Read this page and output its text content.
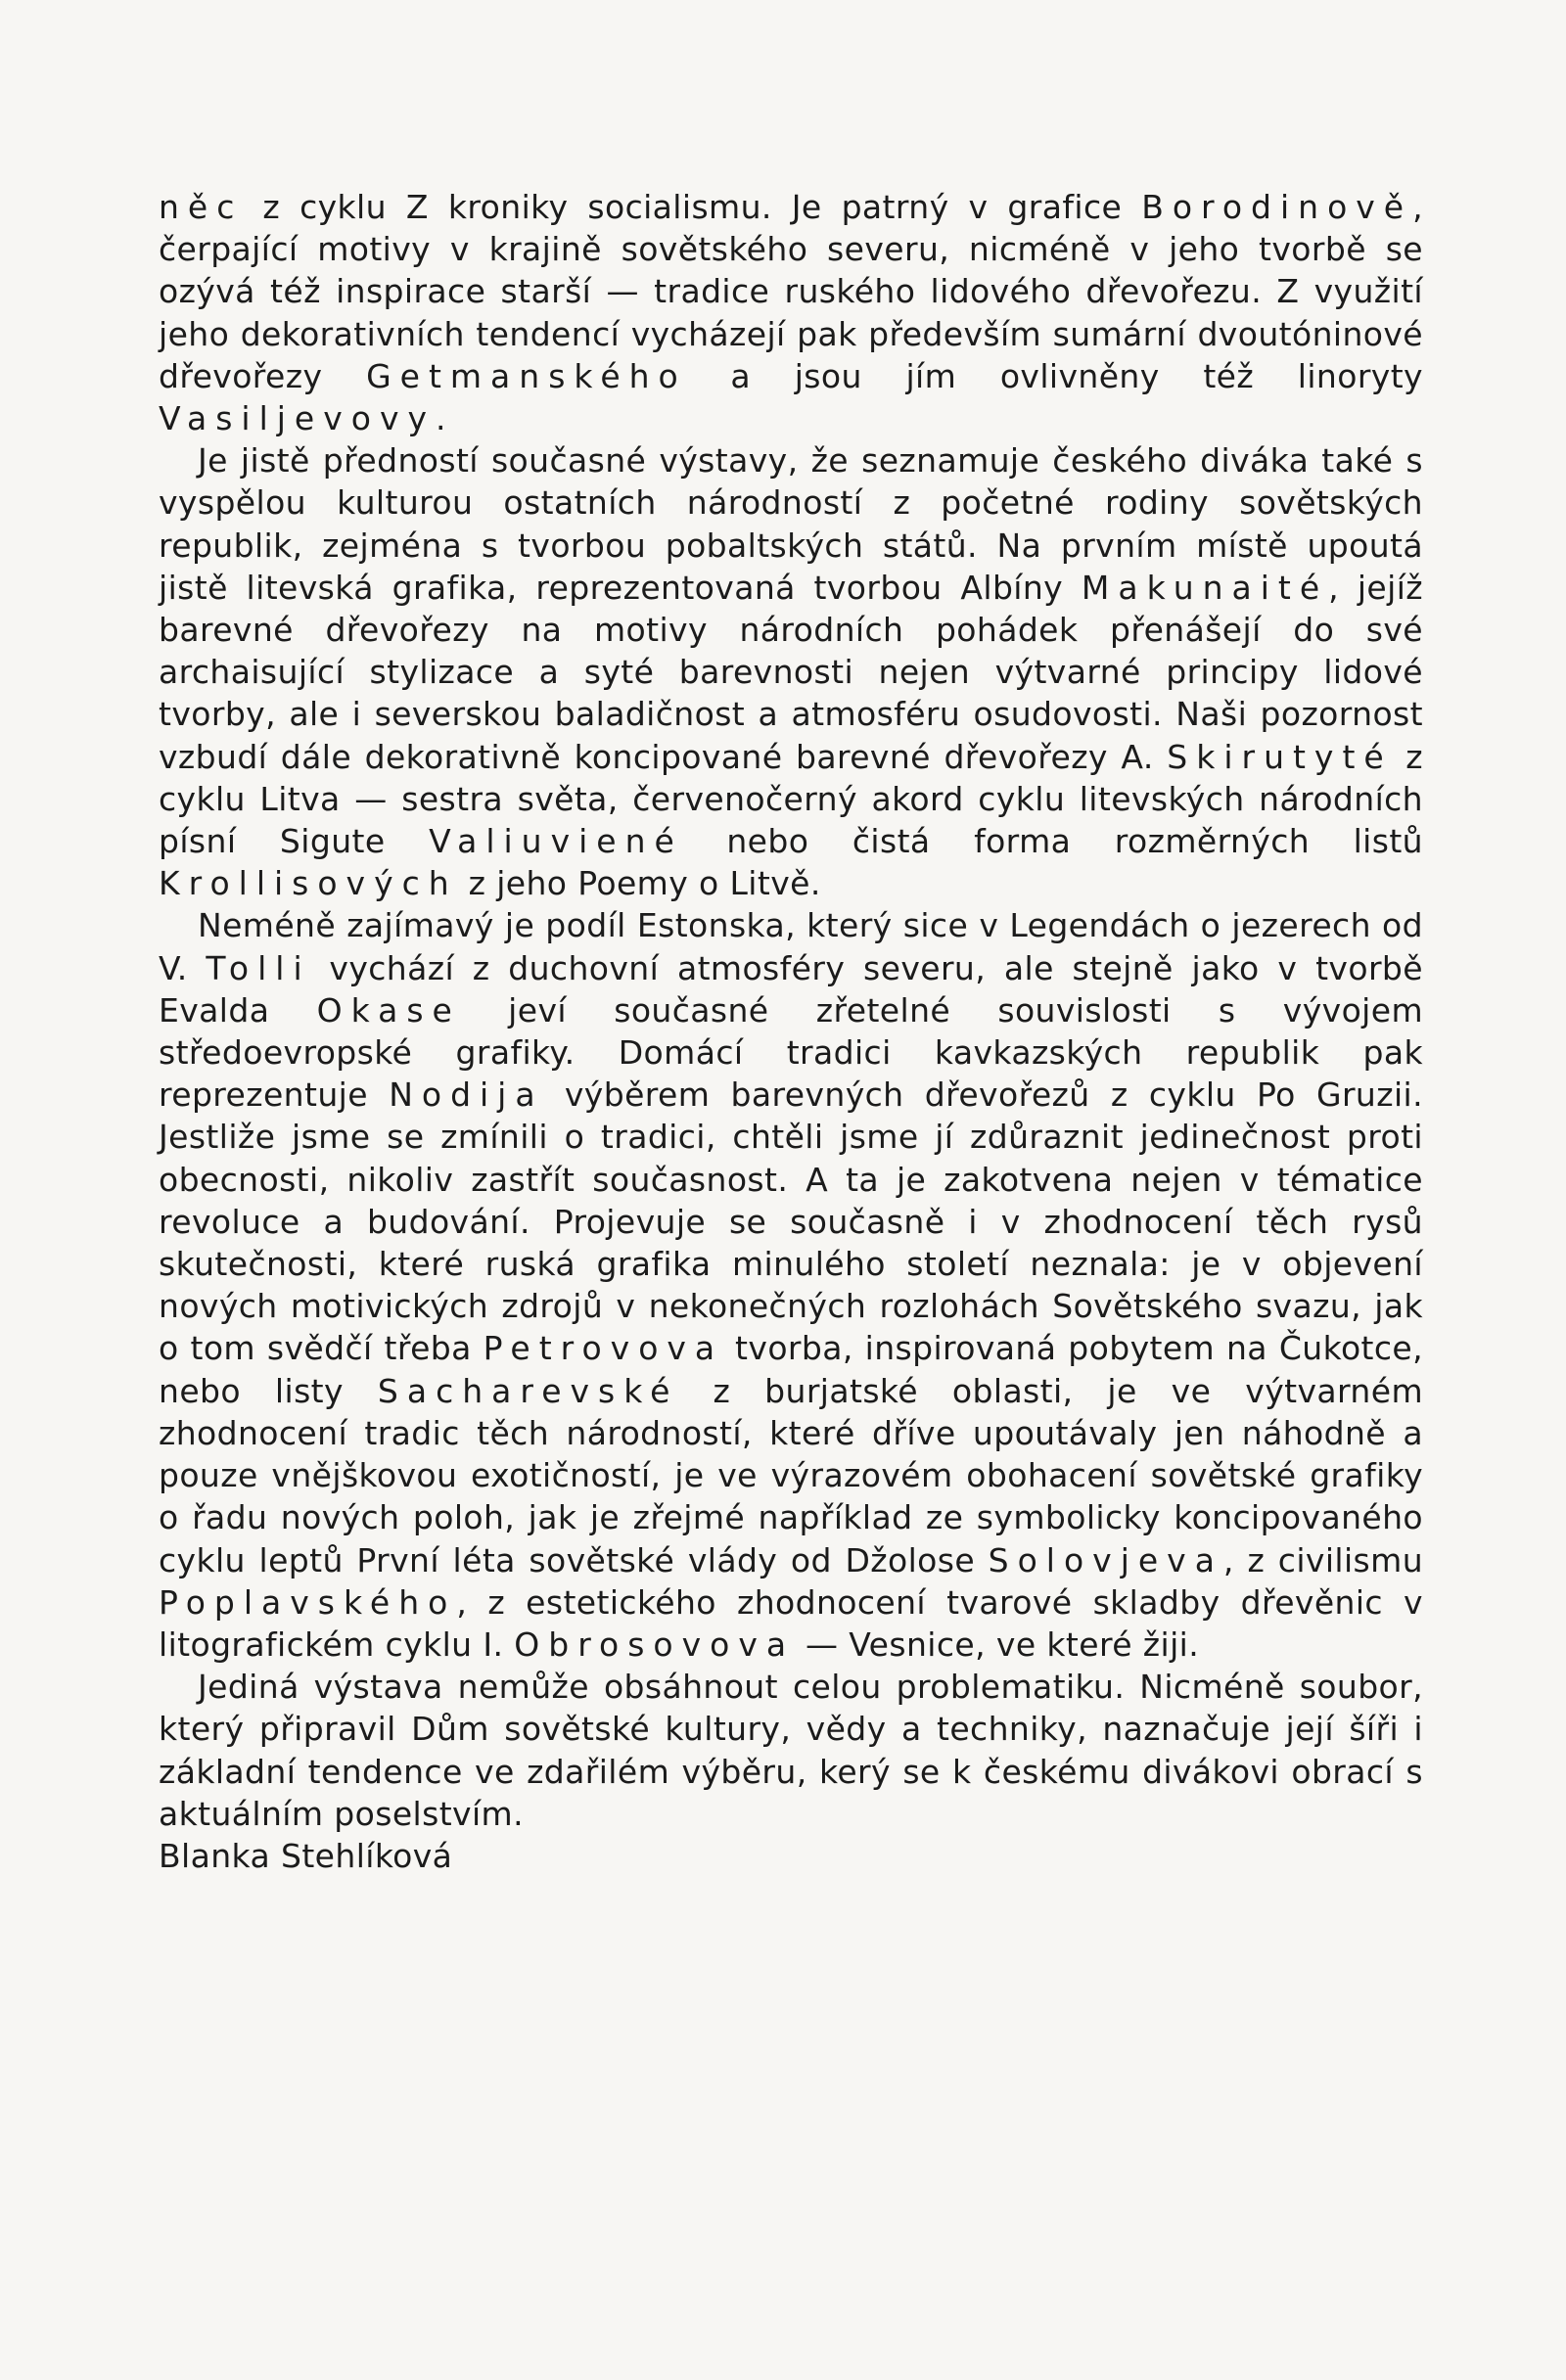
něc z cyklu Z kroniky socialismu. Je patrný v grafice Borodinově, čerpající motivy v krajině sovětského severu, nicméně v jeho tvorbě se ozývá též inspirace starší — tradice ruského lidového dřevořezu. Z využití jeho dekorativních tendencí vycházejí pak především sumární dvoutóninové dřevořezy Getmanského a jsou jím ovlivněny též linoryty Vasiljevovy.

Je jistě předností současné výstavy, že seznamuje českého diváka také s vyspělou kulturou ostatních národností z početné rodiny sovětských republik, zejména s tvorbou pobaltských států. Na prvním místě upoutá jistě litevská grafika, reprezentovaná tvorbou Albíny Makunaité, jejíž barevné dřevořezy na motivy národních pohádek přenášejí do své archaisující stylizace a syté barevnosti nejen výtvarné principy lidové tvorby, ale i severskou baladičnost a atmosféru osudovosti. Naši pozornost vzbudí dále dekorativně koncipované barevné dřevořezy A. Skirutyté z cyklu Litva — sestra světa, červenočerný akord cyklu litevských národních písní Sigute Valiuviené nebo čistá forma rozměrných listů Krollisových z jeho Poemy o Litvě.

Neméně zajímavý je podíl Estonska, který sice v Legendách o jezerech od V. Tolli vychází z duchovní atmosféry severu, ale stejně jako v tvorbě Evalda Okase jeví současné zřetelné souvislosti s vývojem středoevropské grafiky. Domácí tradici kavkazských republik pak reprezentuje Nodija výběrem barevných dřevořezů z cyklu Po Gruzii. Jestliže jsme se zmínili o tradici, chtěli jsme jí zdůraznit jedinečnost proti obecnosti, nikoliv zastřít současnost. A ta je zakotvena nejen v tématice revoluce a budování. Projevuje se současně i v zhodnocení těch rysů skutečnosti, které ruská grafika minulého století neznala: je v objevení nových motivických zdrojů v nekonečných rozlohách Sovětského svazu, jak o tom svědčí třeba Petrovova tvorba, inspirovaná pobytem na Čukotce, nebo listy Sacharevské z burjatské oblasti, je ve výtvarném zhodnocení tradic těch národností, které dříve upoutávaly jen náhodně a pouze vnějškovou exotičností, je ve výrazovém obohacení sovětské grafiky o řadu nových poloh, jak je zřejmé například ze symbolicky koncipovaného cyklu leptů První léta sovětské vlády od Džolose Solovjeva, z civilismu Poplavského, z estetického zhodnocení tvarové skladby dřevěnic v litografickém cyklu I. Obrosovova — Vesnice, ve které žiji.

Jediná výstava nemůže obsáhnout celou problematiku. Nicméně soubor, který připravil Dům sovětské kultury, vědy a techniky, naznačuje její šíři i základní tendence ve zdařilém výběru, kerý se k českému divákovi obrací s aktuálním poselstvím.

Blanka Stehlíková
